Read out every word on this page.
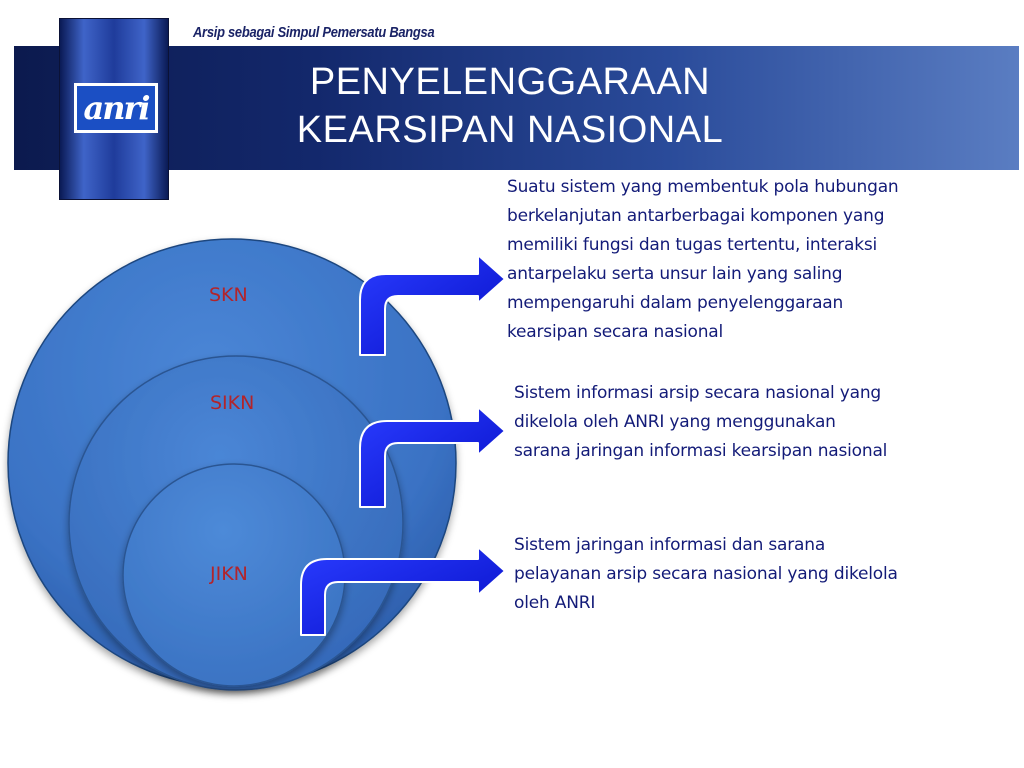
Arsip sebagai Simpul Pemersatu Bangsa
anri
PENYELENGGARAAN
KEARSIPAN NASIONAL
SKN
SIKN
JIKN
Suatu sistem yang membentuk pola hubungan
berkelanjutan antarberbagai komponen yang
memiliki fungsi dan tugas tertentu, interaksi
antarpelaku serta unsur lain yang saling
mempengaruhi dalam penyelenggaraan
kearsipan secara nasional
Sistem informasi arsip secara nasional yang
dikelola oleh ANRI yang menggunakan
sarana jaringan informasi kearsipan nasional
Sistem jaringan informasi dan sarana
pelayanan arsip secara nasional yang dikelola
oleh ANRI
